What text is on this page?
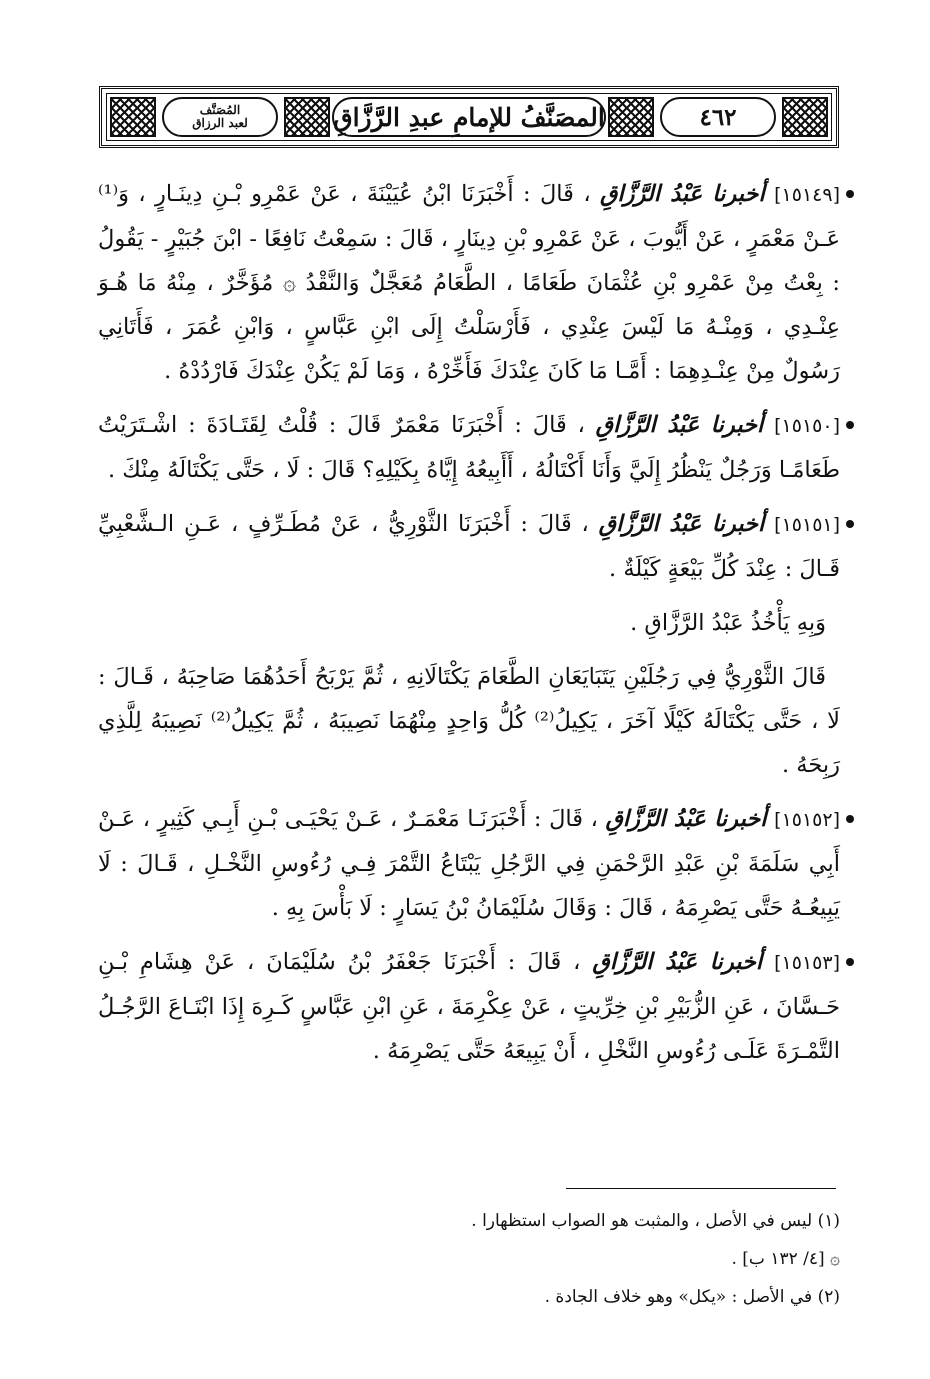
٤٦٢
المصَنَّفُ للإمامِ عبدِ الرَّزَّاقِ
المُصَنَّف
لعبد الرزاق

[١٥١٤٩] أخبرنا عَبْدُ الرَّزَّاقِ ، قَالَ : أَخْبَرَنَا ابْنُ عُيَيْنَةَ ، عَنْ عَمْرِو بْـنِ دِينَـارٍ ، وَ⁽¹⁾ عَـنْ مَعْمَرٍ ، عَنْ أَيُّوبَ ، عَنْ عَمْرِو بْنِ دِينَارٍ ، قَالَ : سَمِعْتُ نَافِعًا - ابْنَ جُبَيْرٍ - يَقُولُ : بِعْتُ مِنْ عَمْرِو بْنِ عُثْمَانَ طَعَامًا ، الطَّعَامُ مُعَجَّلٌ وَالنَّقْدُ ۞ مُؤَخَّرٌ ، مِنْهُ مَا هُـوَ عِنْـدِي ، وَمِنْـهُ مَا لَيْسَ عِنْدِي ، فَأَرْسَلْتُ إِلَى ابْنِ عَبَّاسٍ ، وَابْنِ عُمَرَ ، فَأَتَانِي رَسُولٌ مِنْ عِنْـدِهِمَا : أَمَّـا مَا كَانَ عِنْدَكَ فَأَخِّرْهُ ، وَمَا لَمْ يَكُنْ عِنْدَكَ فَارْدُدْهُ .

[١٥١٥٠] أخبرنا عَبْدُ الرَّزَّاقِ ، قَالَ : أَخْبَرَنَا مَعْمَرٌ قَالَ : قُلْتُ لِقَتَـادَةَ : اشْـتَرَيْتُ طَعَامًـا وَرَجُلٌ يَنْظُرُ إِلَيَّ وَأَنَا أَكْتَالُهُ ، أَأَبِيعُهُ إِيَّاهُ بِكَيْلِهِ؟ قَالَ : لَا ، حَتَّى يَكْتَالَهُ مِنْكَ .

[١٥١٥١] أخبرنا عَبْدُ الرَّزَّاقِ ، قَالَ : أَخْبَرَنَا الثَّوْرِيُّ ، عَنْ مُطَـرِّفٍ ، عَـنِ الـشَّعْبِيِّ قَـالَ : عِنْدَ كُلِّ بَيْعَةٍ كَيْلَةٌ .

وَبِهِ يَأْخُذُ عَبْدُ الرَّزَّاقِ .

قَالَ الثَّوْرِيُّ فِي رَجُلَيْنِ يَتَبَايَعَانِ الطَّعَامَ يَكْتَالَانِهِ ، ثُمَّ يَرْبَحُ أَحَدُهُمَا صَاحِبَهُ ، قَـالَ : لَا ، حَتَّى يَكْتَالَهُ كَيْلًا آخَرَ ، يَكِيلُ⁽²⁾ كُلُّ وَاحِدٍ مِنْهُمَا نَصِيبَهُ ، ثُمَّ يَكِيلُ⁽²⁾ نَصِيبَهُ لِلَّذِي رَبِحَهُ .

[١٥١٥٢] أخبرنا عَبْدُ الرَّزَّاقِ ، قَالَ : أَخْبَرَنَـا مَعْمَـرٌ ، عَـنْ يَحْيَـى بْـنِ أَبِـي كَثِيرٍ ، عَـنْ أَبِي سَلَمَةَ بْنِ عَبْدِ الرَّحْمَنِ فِي الرَّجُلِ يَبْتَاعُ التَّمْرَ فِـي رُءُوسِ النَّخْـلِ ، قَـالَ : لَا يَبِيعُـهُ حَتَّى يَصْرِمَهُ ، قَالَ : وَقَالَ سُلَيْمَانُ بْنُ يَسَارٍ : لَا بَأْسَ بِهِ .

[١٥١٥٣] أخبرنا عَبْدُ الرَّزَّاقِ ، قَالَ : أَخْبَرَنَا جَعْفَرُ بْنُ سُلَيْمَانَ ، عَنْ هِشَامِ بْـنِ حَـسَّانَ ، عَنِ الزُّبَيْرِ بْنِ خِرِّيتٍ ، عَنْ عِكْرِمَةَ ، عَنِ ابْنِ عَبَّاسٍ كَـرِهَ إِذَا ابْتَـاعَ الرَّجُـلُ التَّمْـرَةَ عَلَـى رُءُوسِ النَّخْلِ ، أَنْ يَبِيعَهُ حَتَّى يَصْرِمَهُ .

(١) ليس في الأصل ، والمثبت هو الصواب استظهارا .
۞ [٤/ ١٣٢ ب] .
(٢) في الأصل : «يكل» وهو خلاف الجادة .
